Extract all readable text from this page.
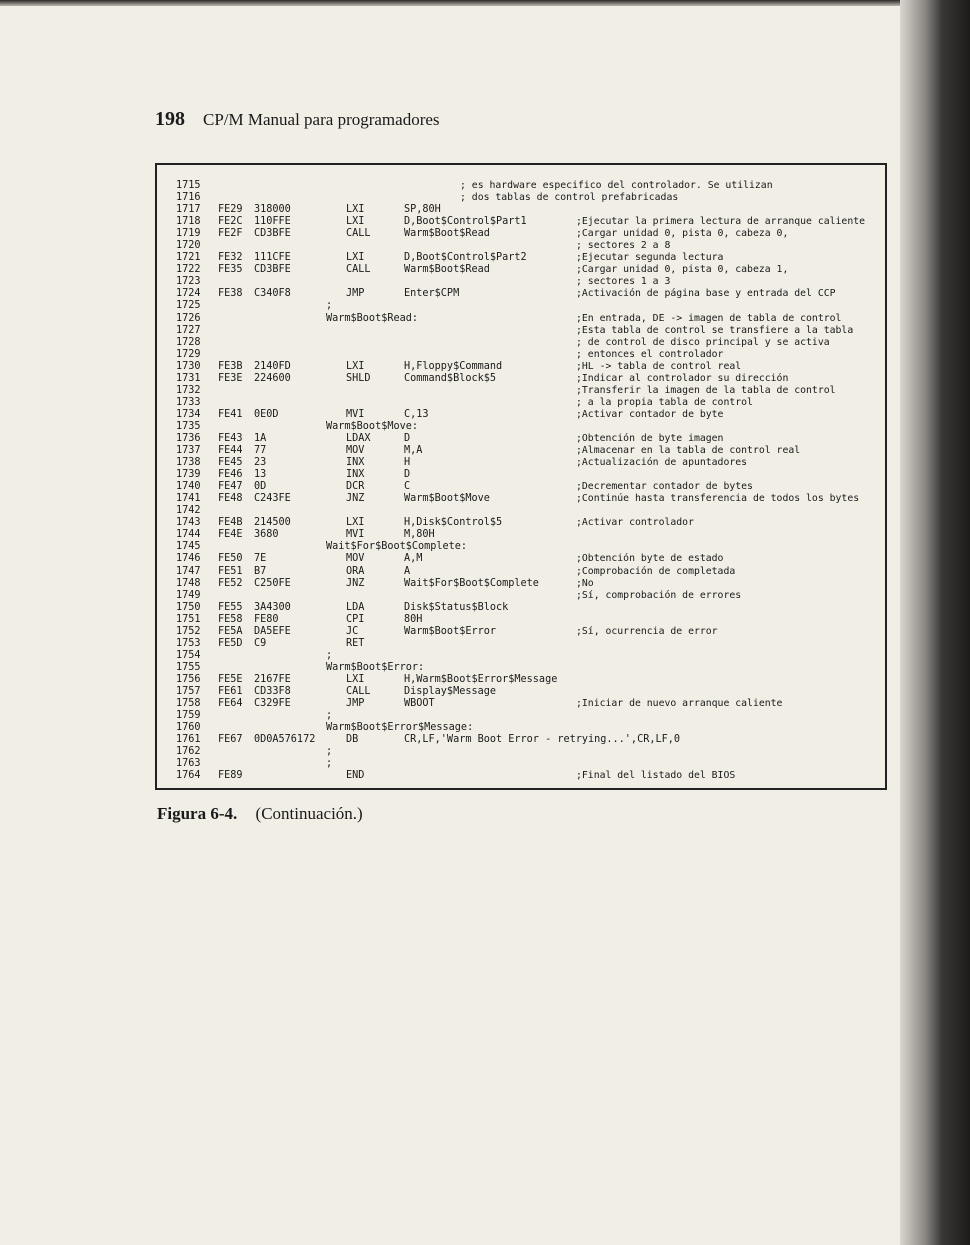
198 CP/M Manual para programadores
1715	; es hardware especifico del controlador. Se utilizan
1716	; dos tablas de control prefabricadas
1717 FE29 318000	LXI	SP,80H
1718 FE2C 110FFE	LXI	D,Boot$Control$Part1	;Ejecutar la primera lectura de arranque caliente
1719 FE2F CD3BFE	CALL	Warm$Boot$Read	;Cargar unidad 0, pista 0, cabeza 0,
1720	; sectores 2 a 8
1721 FE32 111CFE	LXI	D,Boot$Control$Part2	;Ejecutar segunda lectura
1722 FE35 CD3BFE	CALL	Warm$Boot$Read	;Cargar unidad 0, pista 0, cabeza 1,
1723	; sectores 1 a 3
1724 FE38 C340F8	JMP	Enter$CPM	;Activación de página base y entrada del CCP
1725	;
1726	Warm$Boot$Read:	;En entrada, DE -> imagen de tabla de control
1727	;Esta tabla de control se transfiere a la tabla
1728	; de control de disco principal y se activa
1729	; entonces el controlador
1730 FE3B 2140FD	LXI	H,Floppy$Command	;HL -> tabla de control real
1731 FE3E 224600	SHLD	Command$Block$5	;Indicar al controlador su dirección
1732	;Transferir la imagen de la tabla de control
1733	; a la propia tabla de control
1734 FE41 0E0D	MVI	C,13	;Activar contador de byte
1735	Warm$Boot$Move:
1736 FE43 1A	LDAX	D	;Obtención de byte imagen
1737 FE44 77	MOV	M,A	;Almacenar en la tabla de control real
1738 FE45 23	INX	H	;Actualización de apuntadores
1739 FE46 13	INX	D
1740 FE47 0D	DCR	C	;Decrementar contador de bytes
1741 FE48 C243FE	JNZ	Warm$Boot$Move	;Continúe hasta transferencia de todos los bytes
1742
1743 FE4B 214500	LXI	H,Disk$Control$5	;Activar controlador
1744 FE4E 3680	MVI	M,80H
1745	Wait$For$Boot$Complete:
1746 FE50 7E	MOV	A,M	;Obtención byte de estado
1747 FE51 B7	ORA	A	;Comprobación de completada
1748 FE52 C250FE	JNZ	Wait$For$Boot$Complete	;No
1749	;Sí, comprobación de errores
1750 FE55 3A4300	LDA	Disk$Status$Block
1751 FE58 FE80	CPI	80H
1752 FE5A DA5EFE	JC	Warm$Boot$Error	;Sí, ocurrencia de error
1753 FE5D C9	RET
1754	;
1755	Warm$Boot$Error:
1756 FE5E 2167FE	LXI	H,Warm$Boot$Error$Message
1757 FE61 CD33F8	CALL	Display$Message
1758 FE64 C329FE	JMP	WBOOT	;Iniciar de nuevo arranque caliente
1759	;
1760	Warm$Boot$Error$Message:
1761 FE67 0D0A576172	DB	CR,LF,'Warm Boot Error - retrying...',CR,LF,0
1762	;
1763	;
1764 FE89	END	;Final del listado del BIOS
Figura 6-4. (Continuación.)
